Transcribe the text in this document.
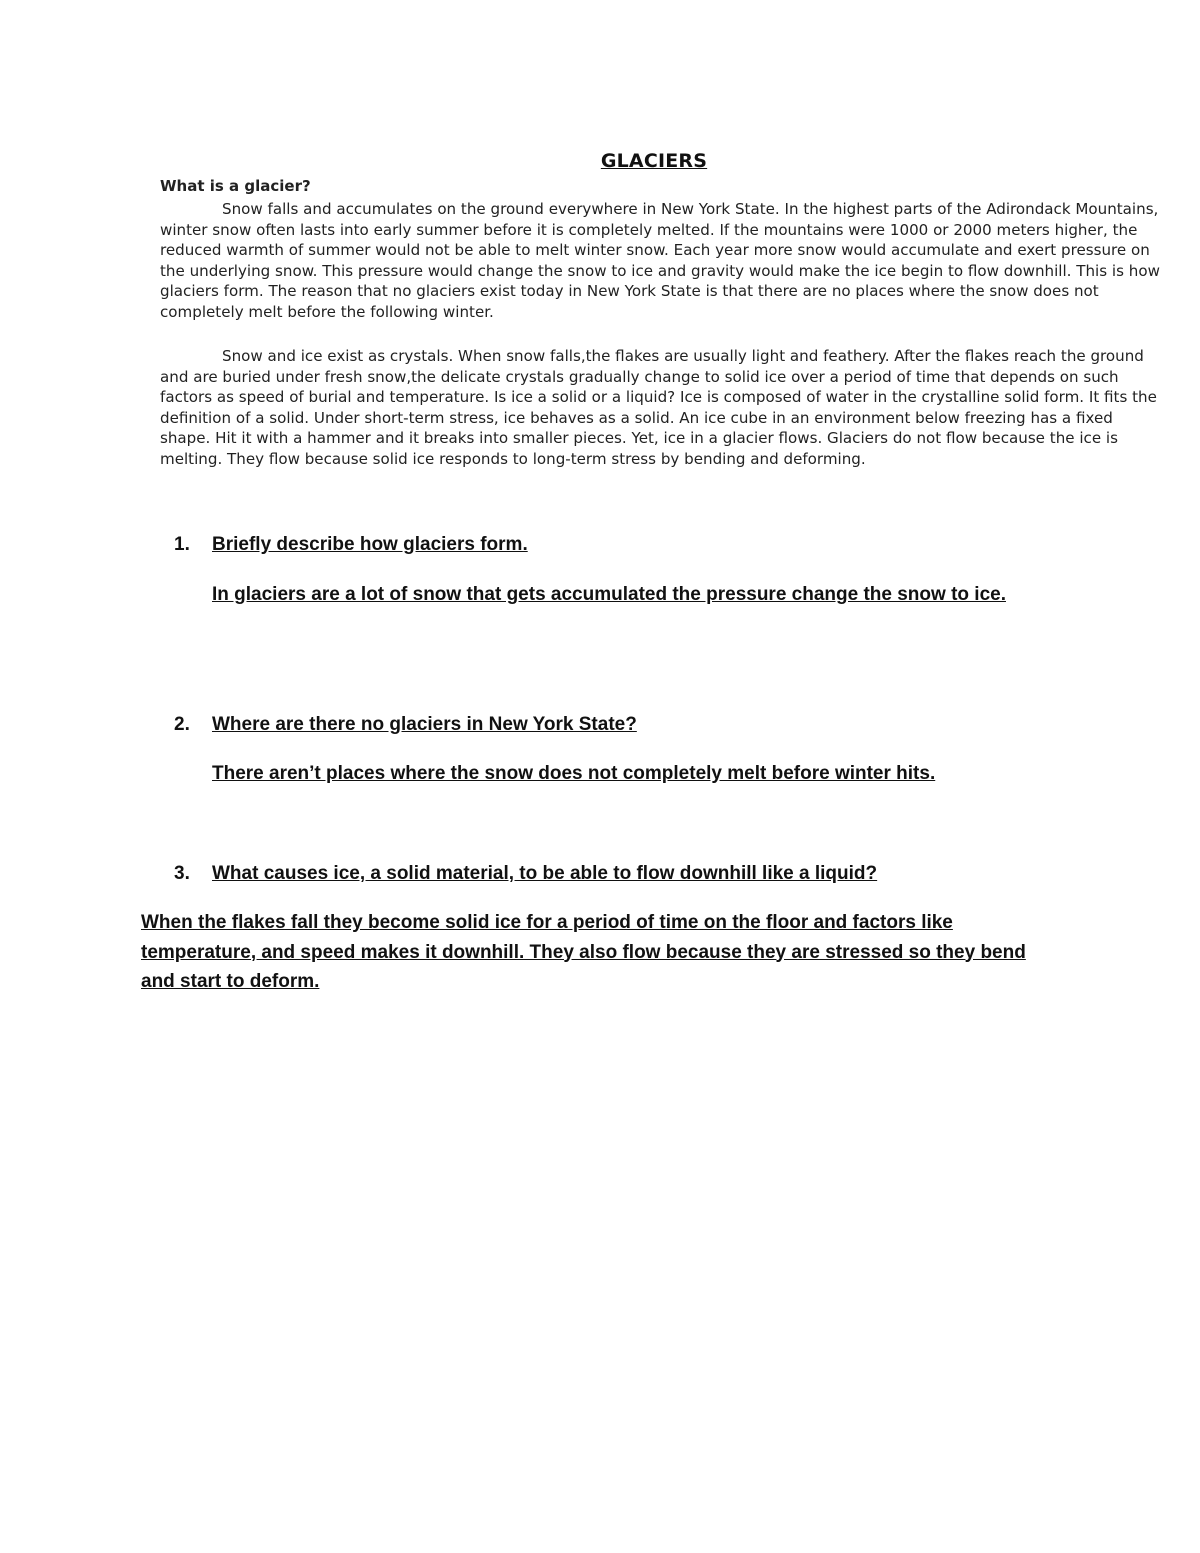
GLACIERS
What is a glacier?

Snow falls and accumulates on the ground everywhere in New York State. In the highest parts of the Adirondack Mountains, winter snow often lasts into early summer before it is completely melted. If the mountains were 1000 or 2000 meters higher, the reduced warmth of summer would not be able to melt winter snow. Each year more snow would accumulate and exert pressure on the underlying snow. This pressure would change the snow to ice and gravity would make the ice begin to flow downhill. This is how glaciers form. The reason that no glaciers exist today in New York State is that there are no places where the snow does not completely melt before the following winter.

Snow and ice exist as crystals. When snow falls,the flakes are usually light and feathery. After the flakes reach the ground and are buried under fresh snow,the delicate crystals gradually change to solid ice over a period of time that depends on such factors as speed of burial and temperature. Is ice a solid or a liquid? Ice is composed of water in the crystalline solid form. It fits the definition of a solid. Under short-term stress, ice behaves as a solid. An ice cube in an environment below freezing has a fixed shape. Hit it with a hammer and it breaks into smaller pieces. Yet, ice in a glacier flows. Glaciers do not flow because the ice is melting. They flow because solid ice responds to long-term stress by bending and deforming.

1. Briefly describe how glaciers form.

In glaciers are a lot of snow that gets accumulated the pressure change the snow to ice.

2. Where are there no glaciers in New York State?

There aren’t places where the snow does not completely melt before winter hits.

3. What causes ice, a solid material, to be able to flow downhill like a liquid?

When the flakes fall they become solid ice for a period of time on the floor and factors like temperature, and speed makes it downhill. They also flow because they are stressed so they bend and start to deform.
